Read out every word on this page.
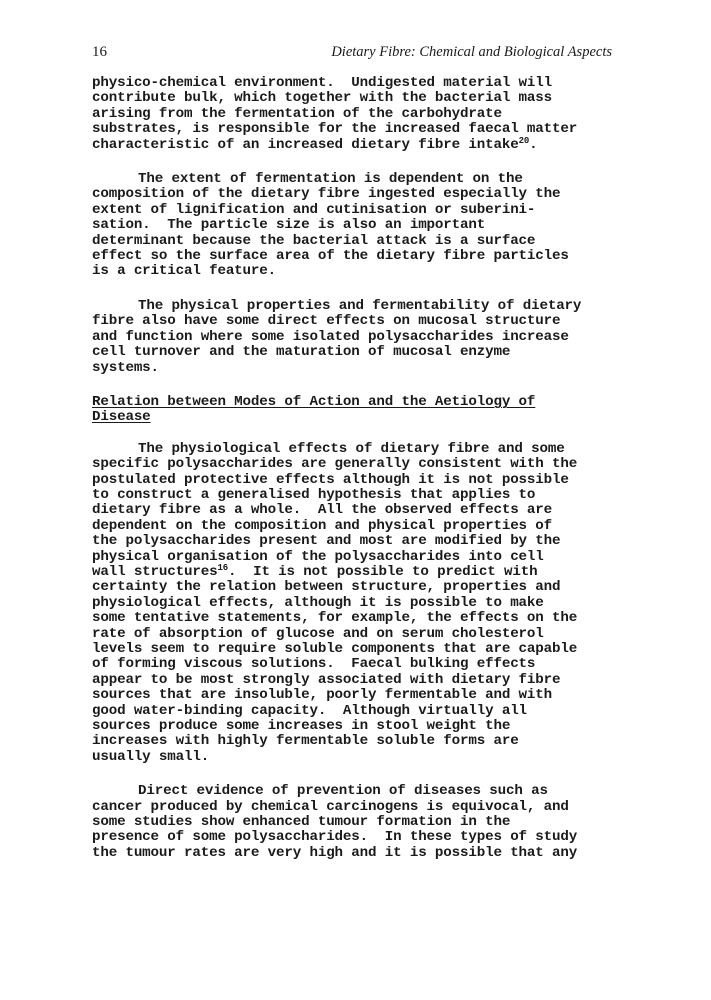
16	Dietary Fibre: Chemical and Biological Aspects

physico-chemical environment.  Undigested material will
contribute bulk, which together with the bacterial mass
arising from the fermentation of the carbohydrate
substrates, is responsible for the increased faecal matter
characteristic of an increased dietary fibre intake$^{20}$.

The extent of fermentation is dependent on the
composition of the dietary fibre ingested especially the
extent of lignification and cutinisation or suberini-
sation.  The particle size is also an important
determinant because the bacterial attack is a surface
effect so the surface area of the dietary fibre particles
is a critical feature.

The physical properties and fermentability of dietary
fibre also have some direct effects on mucosal structure
and function where some isolated polysaccharides increase
cell turnover and the maturation of mucosal enzyme
systems.

Relation between Modes of Action and the Aetiology of
Disease

The physiological effects of dietary fibre and some
specific polysaccharides are generally consistent with the
postulated protective effects although it is not possible
to construct a generalised hypothesis that applies to
dietary fibre as a whole.  All the observed effects are
dependent on the composition and physical properties of
the polysaccharides present and most are modified by the
physical organisation of the polysaccharides into cell
wall structures$^{16}$.  It is not possible to predict with
certainty the relation between structure, properties and
physiological effects, although it is possible to make
some tentative statements, for example, the effects on the
rate of absorption of glucose and on serum cholesterol
levels seem to require soluble components that are capable
of forming viscous solutions.  Faecal bulking effects
appear to be most strongly associated with dietary fibre
sources that are insoluble, poorly fermentable and with
good water-binding capacity.  Although virtually all
sources produce some increases in stool weight the
increases with highly fermentable soluble forms are
usually small.

Direct evidence of prevention of diseases such as
cancer produced by chemical carcinogens is equivocal, and
some studies show enhanced tumour formation in the
presence of some polysaccharides.  In these types of study
the tumour rates are very high and it is possible that any
